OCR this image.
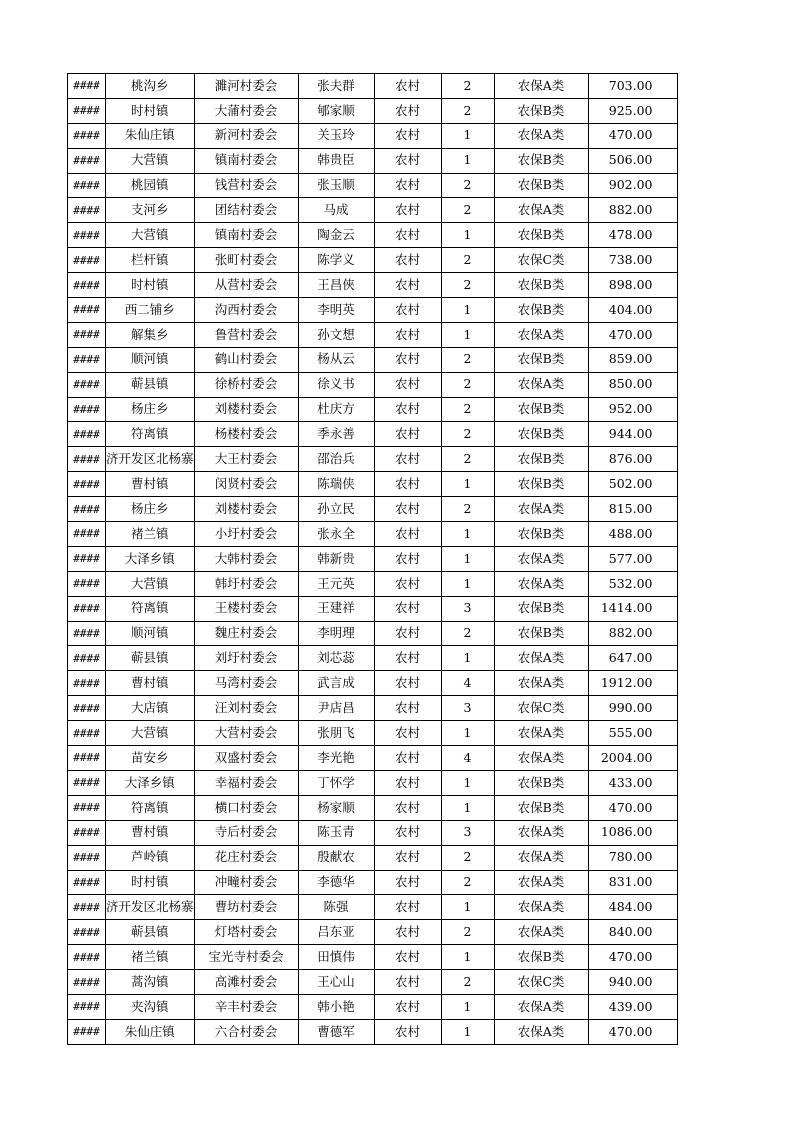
####	桃沟乡	濉河村委会	张夫群	农村	2	农保A类	703.00
####	时村镇	大蒲村委会	郇家顺	农村	2	农保B类	925.00
####	朱仙庄镇	新河村委会	关玉玲	农村	1	农保A类	470.00
####	大营镇	镇南村委会	韩贵臣	农村	1	农保B类	506.00
####	桃园镇	钱营村委会	张玉顺	农村	2	农保B类	902.00
####	支河乡	团结村委会	马成	农村	2	农保A类	882.00
####	大营镇	镇南村委会	陶金云	农村	1	农保B类	478.00
####	栏杆镇	张町村委会	陈学义	农村	2	农保C类	738.00
####	时村镇	从营村委会	王昌俠	农村	2	农保B类	898.00
####	西二铺乡	沟西村委会	李明英	农村	1	农保B类	404.00
####	解集乡	鲁营村委会	孙文想	农村	1	农保A类	470.00
####	顺河镇	鹤山村委会	杨从云	农村	2	农保B类	859.00
####	蕲县镇	徐桥村委会	徐义书	农村	2	农保A类	850.00
####	杨庄乡	刘楼村委会	杜庆方	农村	2	农保B类	952.00
####	符离镇	杨楼村委会	季永善	农村	2	农保B类	944.00
####	济开发区北杨寨	大王村委会	邵治兵	农村	2	农保B类	876.00
####	曹村镇	闵贤村委会	陈瑞侠	农村	1	农保B类	502.00
####	杨庄乡	刘楼村委会	孙立民	农村	2	农保A类	815.00
####	褚兰镇	小圩村委会	张永全	农村	1	农保B类	488.00
####	大泽乡镇	大韩村委会	韩新贵	农村	1	农保A类	577.00
####	大营镇	韩圩村委会	王元英	农村	1	农保A类	532.00
####	符离镇	王楼村委会	王建祥	农村	3	农保B类	1414.00
####	顺河镇	魏庄村委会	李明理	农村	2	农保B类	882.00
####	蕲县镇	刘圩村委会	刘芯蕊	农村	1	农保A类	647.00
####	曹村镇	马湾村委会	武言成	农村	4	农保A类	1912.00
####	大店镇	汪刘村委会	尹店昌	农村	3	农保C类	990.00
####	大营镇	大营村委会	张朋飞	农村	1	农保A类	555.00
####	苗安乡	双盛村委会	李光艳	农村	4	农保A类	2004.00
####	大泽乡镇	幸福村委会	丁怀学	农村	1	农保B类	433.00
####	符离镇	横口村委会	杨家顺	农村	1	农保B类	470.00
####	曹村镇	寺后村委会	陈玉青	农村	3	农保A类	1086.00
####	芦岭镇	花庄村委会	殷献农	农村	2	农保A类	780.00
####	时村镇	冲疃村委会	李德华	农村	2	农保A类	831.00
####	济开发区北杨寨	曹坊村委会	陈强	农村	1	农保A类	484.00
####	蕲县镇	灯塔村委会	吕东亚	农村	2	农保A类	840.00
####	褚兰镇	宝光寺村委会	田慎伟	农村	1	农保B类	470.00
####	蒿沟镇	高滩村委会	王心山	农村	2	农保C类	940.00
####	夹沟镇	辛丰村委会	韩小艳	农村	1	农保A类	439.00
####	朱仙庄镇	六合村委会	曹德军	农村	1	农保A类	470.00
